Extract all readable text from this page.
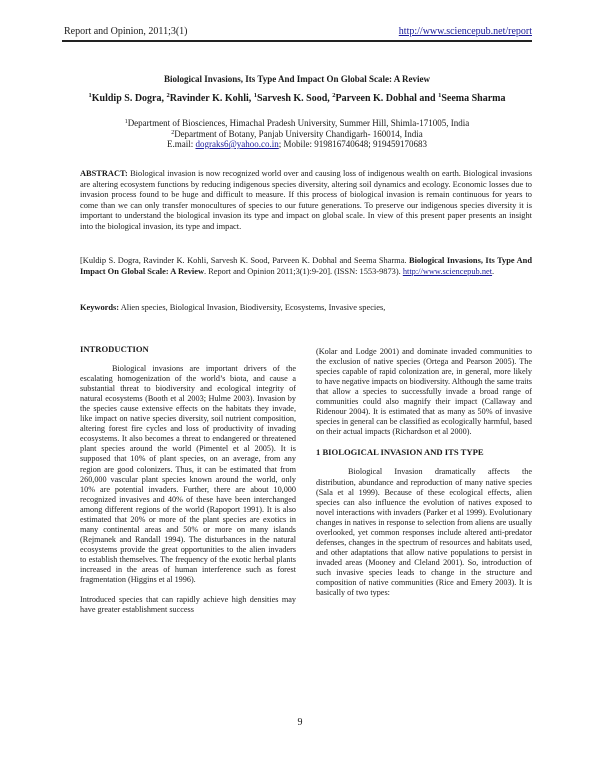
Report and Opinion, 2011;3(1)	http://www.sciencepub.net/report
Biological Invasions, Its Type And Impact On Global Scale: A Review
$^1$Kuldip S. Dogra, $^2$Ravinder K. Kohli, $^1$Sarvesh K. Sood, $^2$Parveen K. Dobhal and $^1$Seema Sharma
$^1$Department of Biosciences, Himachal Pradesh University, Summer Hill, Shimla-171005, India
$^2$Department of Botany, Panjab University Chandigarh- 160014, India
E.mail: dograks6@yahoo.co.in; Mobile: 919816740648; 919459170683
ABSTRACT: Biological invasion is now recognized world over and causing loss of indigenous wealth on earth. Biological invasions are altering ecosystem functions by reducing indigenous species diversity, altering soil dynamics and ecology. Economic losses due to invasion process found to be huge and difficult to measure. If this process of biological invasion is remain continuous for years to come than we can only transfer monocultures of species to our future generations. To preserve our indigenous species diversity it is important to understand the biological invasion its type and impact on global scale. In view of this present paper presents an insight into the biological invasion, its type and impact.
[Kuldip S. Dogra, Ravinder K. Kohli, Sarvesh K. Sood, Parveen K. Dobhal and Seema Sharma. Biological Invasions, Its Type And Impact On Global Scale: A Review. Report and Opinion 2011;3(1):9-20]. (ISSN: 1553-9873). http://www.sciencepub.net.
Keywords: Alien species, Biological Invasion, Biodiversity, Ecosystems, Invasive species,
INTRODUCTION

Biological invasions are important drivers of the escalating homogenization of the world’s biota, and cause a substantial threat to biodiversity and ecological integrity of natural ecosystems (Booth et al 2003; Hulme 2003). Invasion by the species cause extensive effects on the habitats they invade, like impact on native species diversity, soil nutrient composition, altering forest fire cycles and loss of productivity of invading ecosystems. It also becomes a threat to endangered or threatened plant species around the world (Pimentel et al 2005). It is supposed that 10% of plant species, on an average, from any region are good colonizers. Thus, it can be estimated that from 260,000 vascular plant species known around the world, only 10% are potential invaders. Further, there are about 10,000 recognized invasives and 40% of these have been interchanged among different regions of the world (Rapoport 1991). It is also estimated that 20% or more of the plant species are exotics in many continental areas and 50% or more on many islands (Rejmanek and Randall 1994). The disturbances in the natural ecosystems provide the great opportunities to the alien invaders to establish themselves. The frequency of the exotic herbal plants increased in the areas of human interference such as forest fragmentation (Higgins et al 1996).

Introduced species that can rapidly achieve high densities may have greater establishment success

(Kolar and Lodge 2001) and dominate invaded communities to the exclusion of native species (Ortega and Pearson 2005). The species capable of rapid colonization are, in general, more likely to have negative impacts on biodiversity. Although the same traits that allow a species to successfully invade a broad range of communities could also magnify their impact (Callaway and Ridenour 2004). It is estimated that as many as 50% of invasive species in general can be classified as ecologically harmful, based on their actual impacts (Richardson et al 2000).

1 BIOLOGICAL INVASION AND ITS TYPE

Biological Invasion dramatically affects the distribution, abundance and reproduction of many native species (Sala et al 1999). Because of these ecological effects, alien species can also influence the evolution of natives exposed to novel interactions with invaders (Parker et al 1999). Evolutionary changes in natives in response to selection from aliens are usually overlooked, yet common responses include altered anti-predator defenses, changes in the spectrum of resources and habitats used, and other adaptations that allow native populations to persist in invaded areas (Mooney and Cleland 2001). So, introduction of such invasive species leads to change in the structure and composition of native communities (Rice and Emery 2003). It is basically of two types:

9
